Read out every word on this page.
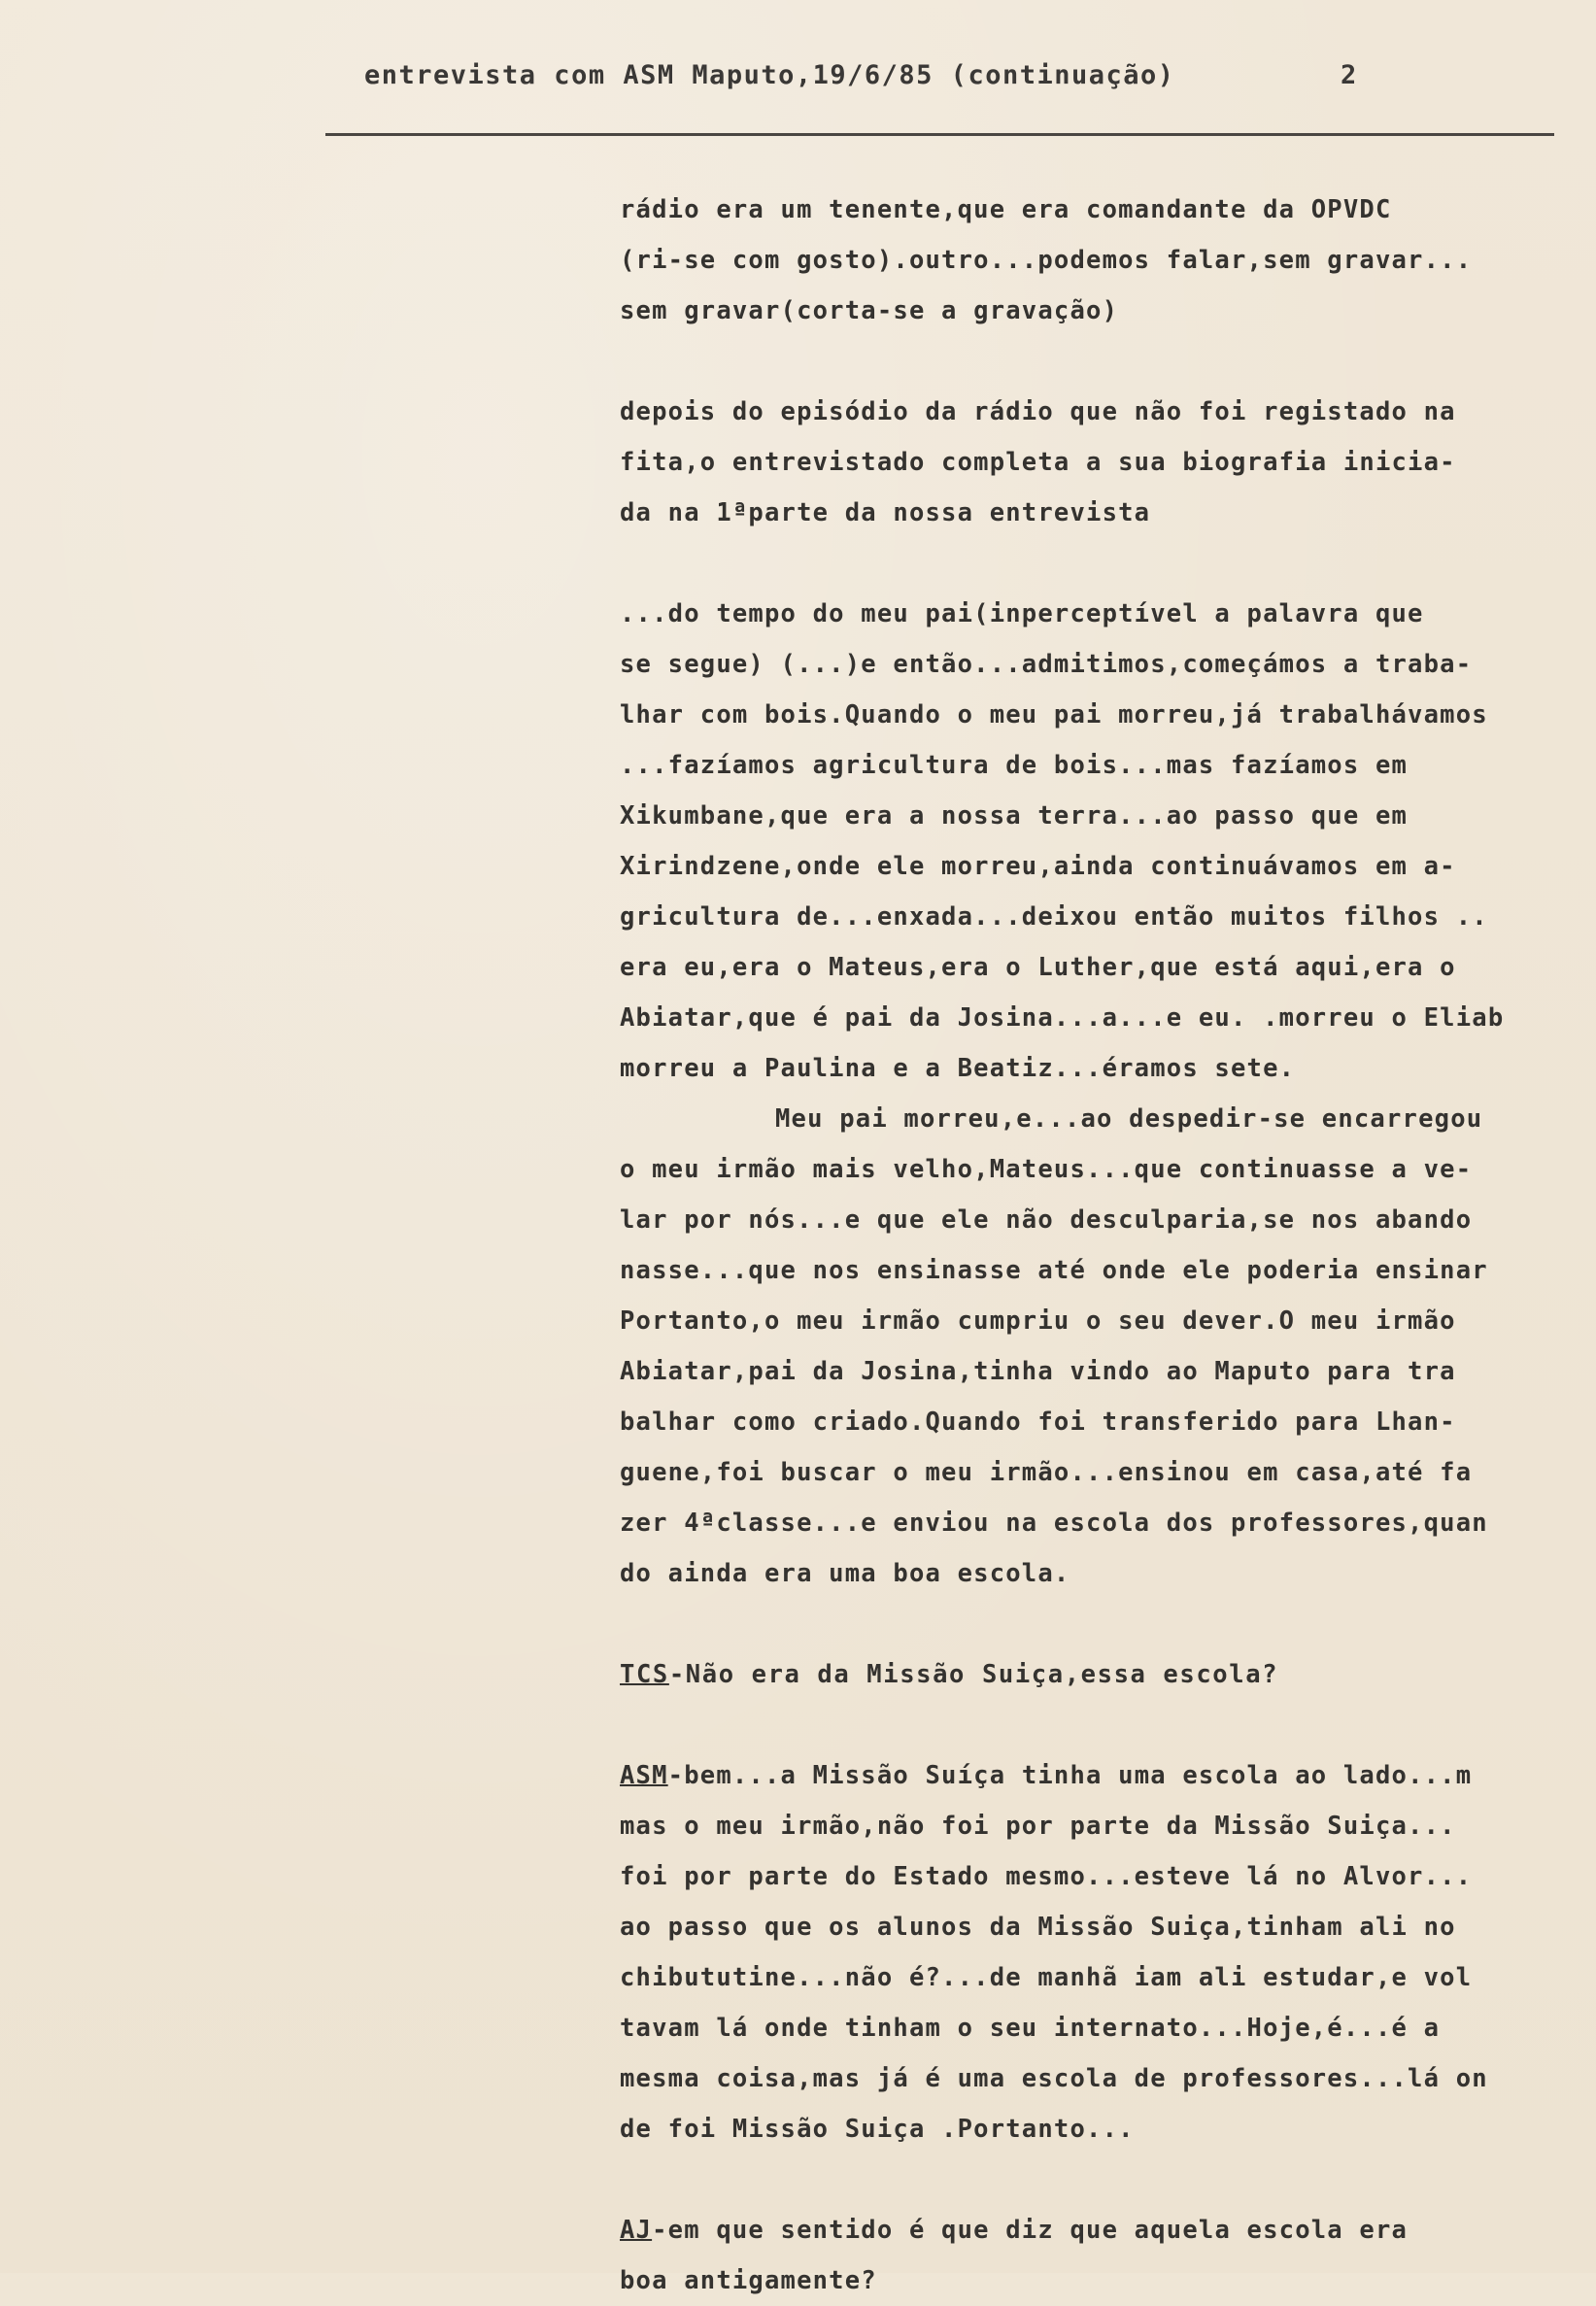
entrevista com ASM Maputo,19/6/85 (continuação)	2
rádio era um tenente,que era comandante da OPVDC
(ri-se com gosto).outro...podemos falar,sem gravar...
sem gravar(corta-se a gravação)
depois do episódio da rádio que não foi registado na
fita,o entrevistado completa a sua biografia inicia-
da na 1ªparte da nossa entrevista
...do tempo do meu pai(inperceptível a palavra que
se segue) (...)e então...admitimos,começámos a traba-
lhar com bois.Quando o meu pai morreu,já trabalhávamos
...fazíamos agricultura de bois...mas fazíamos em
Xikumbane,que era a nossa terra...ao passo que em
Xirindzene,onde ele morreu,ainda continuávamos em a-
gricultura de...enxada...deixou então muitos filhos ..
era eu,era o Mateus,era o Luther,que está aqui,era o
Abiatar,que é pai da Josina...a...e eu. .morreu o Eliab
morreu a Paulina e a Beatiz...éramos sete.
Meu pai morreu,e...ao despedir-se encarregou
o meu irmão mais velho,Mateus...que continuasse a ve-
lar por nós...e que ele não desculparia,se nos abando
nasse...que nos ensinasse até onde ele poderia ensinar
Portanto,o meu irmão cumpriu o seu dever.O meu irmão
Abiatar,pai da Josina,tinha vindo ao Maputo para tra
balhar como criado.Quando foi transferido para Lhan-
guene,foi buscar o meu irmão...ensinou em casa,até fa
zer 4ªclasse...e enviou na escola dos professores,quan
do ainda era uma boa escola.
TCS-Não era da Missão Suiça,essa escola?
ASM-bem...a Missão Suíça tinha uma escola ao lado...m
mas o meu irmão,não foi por parte da Missão Suiça...
foi por parte do Estado mesmo...esteve lá no Alvor...
ao passo que os alunos da Missão Suiça,tinham ali no
chibututine...não é?...de manhã iam ali estudar,e vol
tavam lá onde tinham o seu internato...Hoje,é...é a
mesma coisa,mas já é uma escola de professores...lá on
de foi Missão Suiça .Portanto...
AJ-em que sentido é que diz que aquela escola era
boa antigamente?
